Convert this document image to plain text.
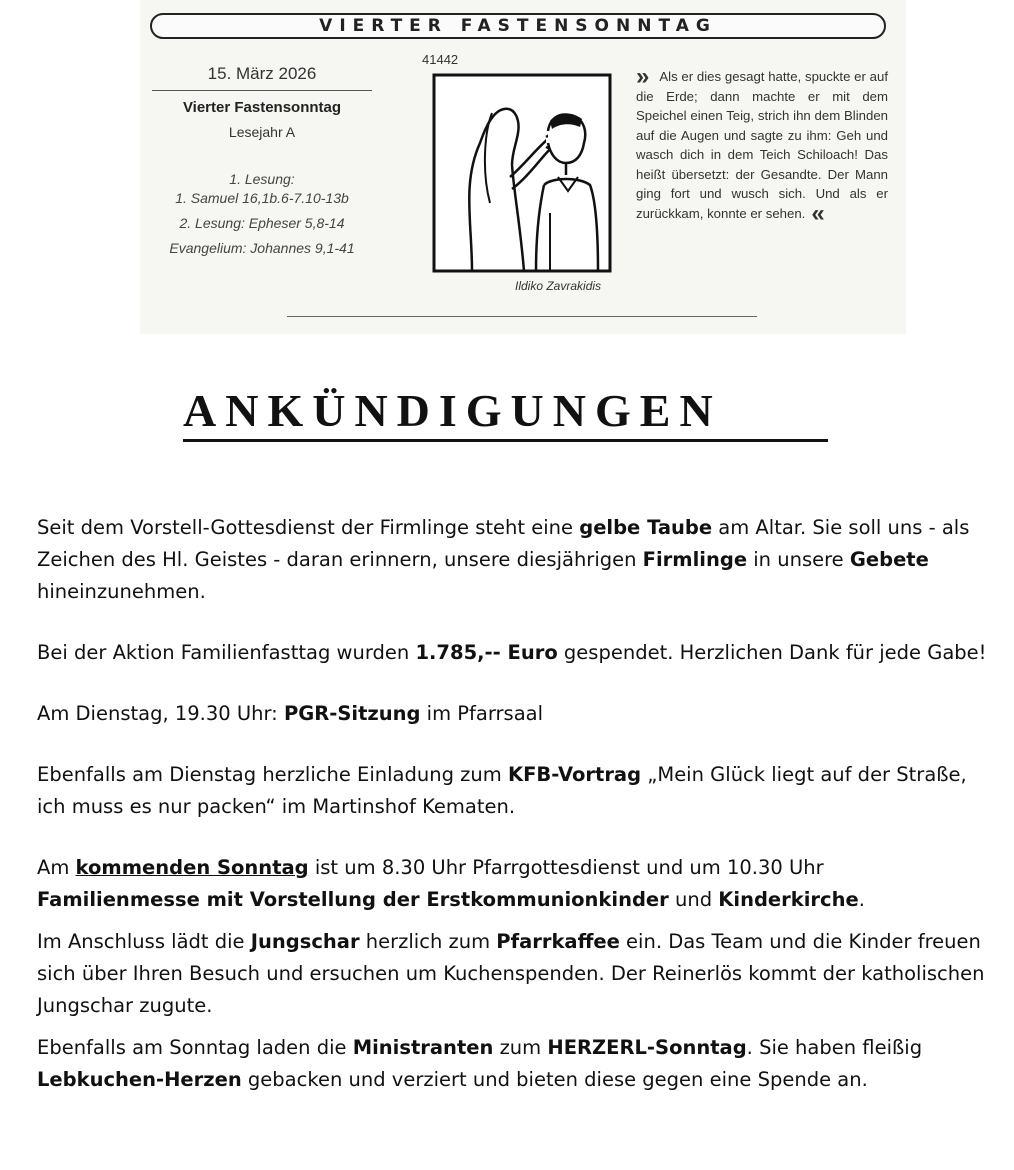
VIERTER FASTENSONNTAG
15. März 2026
Vierter Fastensonntag
Lesejahr A
1. Lesung:
1. Samuel 16,1b.6-7.10-13b
2. Lesung: Epheser 5,8-14
Evangelium: Johannes 9,1-41
41442
Ildiko Zavrakidis
» Als er dies gesagt hatte, spuckte er auf die Erde; dann machte er mit dem Speichel einen Teig, strich ihn dem Blinden auf die Augen und sagte zu ihm: Geh und wasch dich in dem Teich Schiloach! Das heißt übersetzt: der Gesandte. Der Mann ging fort und wusch sich. Und als er zurückkam, konnte er sehen. «
ANKÜNDIGUNGEN

Seit dem Vorstell-Gottesdienst der Firmlinge steht eine gelbe Taube am Altar. Sie soll uns - als Zeichen des Hl. Geistes - daran erinnern, unsere diesjährigen Firmlinge in unsere Gebete hineinzunehmen.

Bei der Aktion Familienfasttag wurden 1.785,-- Euro gespendet. Herzlichen Dank für jede Gabe!

Am Dienstag, 19.30 Uhr: PGR-Sitzung im Pfarrsaal

Ebenfalls am Dienstag herzliche Einladung zum KFB-Vortrag „Mein Glück liegt auf der Straße, ich muss es nur packen“ im Martinshof Kematen.

Am kommenden Sonntag ist um 8.30 Uhr Pfarrgottesdienst und um 10.30 Uhr Familienmesse mit Vorstellung der Erstkommunionkinder und Kinderkirche.

Im Anschluss lädt die Jungschar herzlich zum Pfarrkaffee ein. Das Team und die Kinder freuen sich über Ihren Besuch und ersuchen um Kuchenspenden. Der Reinerlös kommt der katholischen Jungschar zugute.

Ebenfalls am Sonntag laden die Ministranten zum HERZERL-Sonntag. Sie haben fleißig Lebkuchen-Herzen gebacken und verziert und bieten diese gegen eine Spende an.
